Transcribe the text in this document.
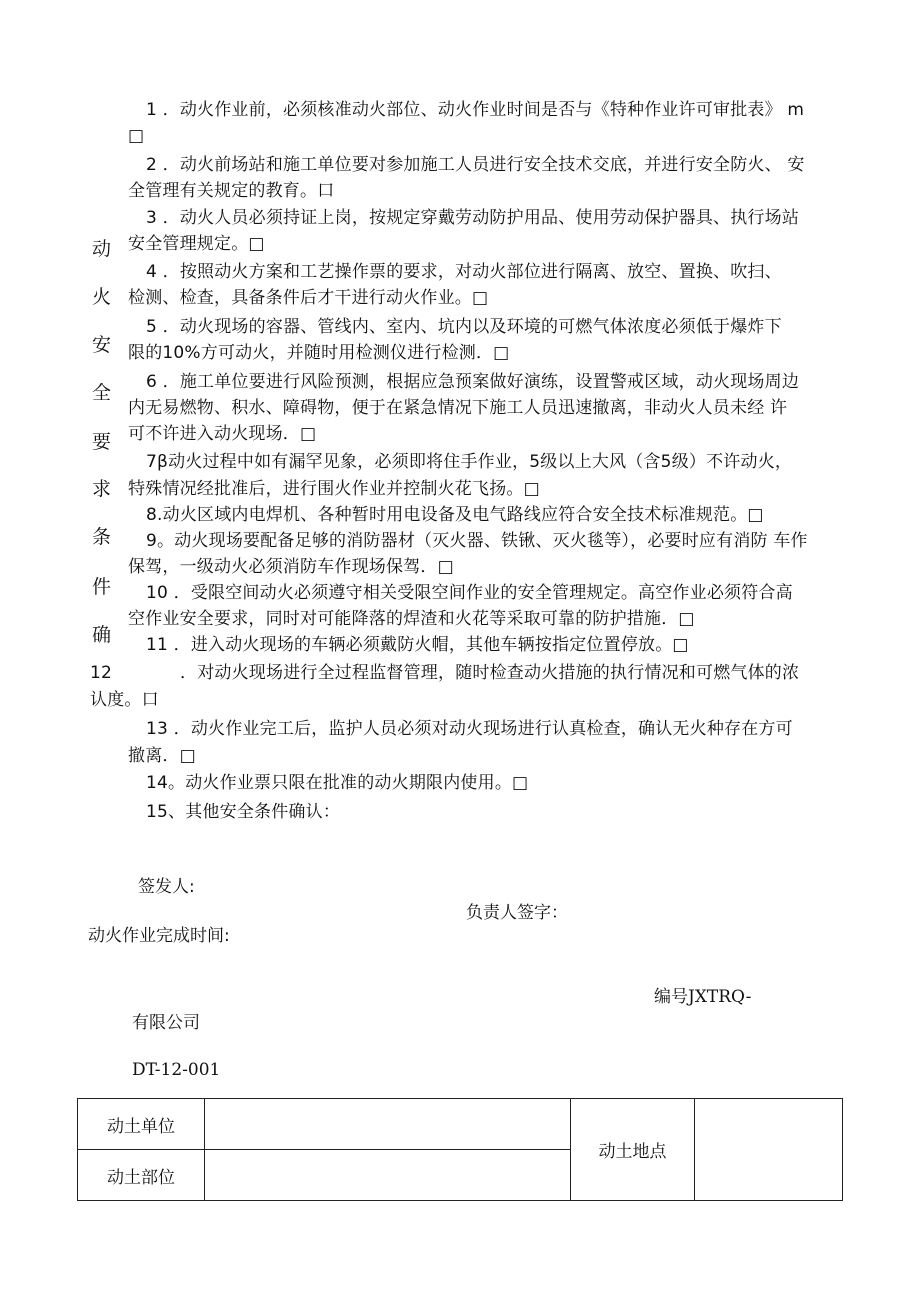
动
火
安
全
要
求
条
件
确
1 ．动火作业前，必须核准动火部位、动火作业时间是否与《特种作业许可审批表》 m
□
2 ．动火前场站和施工单位要对参加施工人员进行安全技术交底，并进行安全防火、 安
全管理有关规定的教育。口
3 ．动火人员必须持证上岗，按规定穿戴劳动防护用品、使用劳动保护器具、执行场站
安全管理规定。□
4 ．按照动火方案和工艺操作票的要求，对动火部位进行隔离、放空、置换、吹扫、
检测、检查，具备条件后才干进行动火作业。□
5 ．动火现场的容器、管线内、室内、坑内以及环境的可燃气体浓度必须低于爆炸下
限的10%方可动火，并随时用检测仪进行检测．□
6 ．施工单位要进行风险预测，根据应急预案做好演练，设置警戒区域，动火现场周边
内无易燃物、积水、障碍物，便于在紧急情况下施工人员迅速撤离，非动火人员未经 许
可不许进入动火现场．□
7β动火过程中如有漏罕见象，必须即将住手作业，5级以上大风（含5级）不许动火，
特殊情况经批准后，进行围火作业并控制火花飞扬。□
8.动火区域内电焊机、各种暂时用电设备及电气路线应符合安全技术标准规范。□
9。动火现场要配备足够的消防器材（灭火器、铁锹、灭火毯等），必要时应有消防 车作
保驾，一级动火必须消防车作现场保驾．□
10 ．受限空间动火必须遵守相关受限空间作业的安全管理规定。高空作业必须符合高
空作业安全要求，同时对可能降落的焊渣和火花等采取可靠的防护措施．□
11 ．进入动火现场的车辆必须戴防火帽，其他车辆按指定位置停放。□
12	．对动火现场进行全过程监督管理，随时检查动火措施的执行情况和可燃气体的浓
认度。口
13 ．动火作业完工后，监护人员必须对动火现场进行认真检查，确认无火种存在方可
撤离．□
14。动火作业票只限在批准的动火期限内使用。□
15、其他安全条件确认：
签发人:
负责人签字：
动火作业完成时间:
编号JXTRQ-
有限公司
DT-12-001
动土单位		动土地点	
动土部位			
